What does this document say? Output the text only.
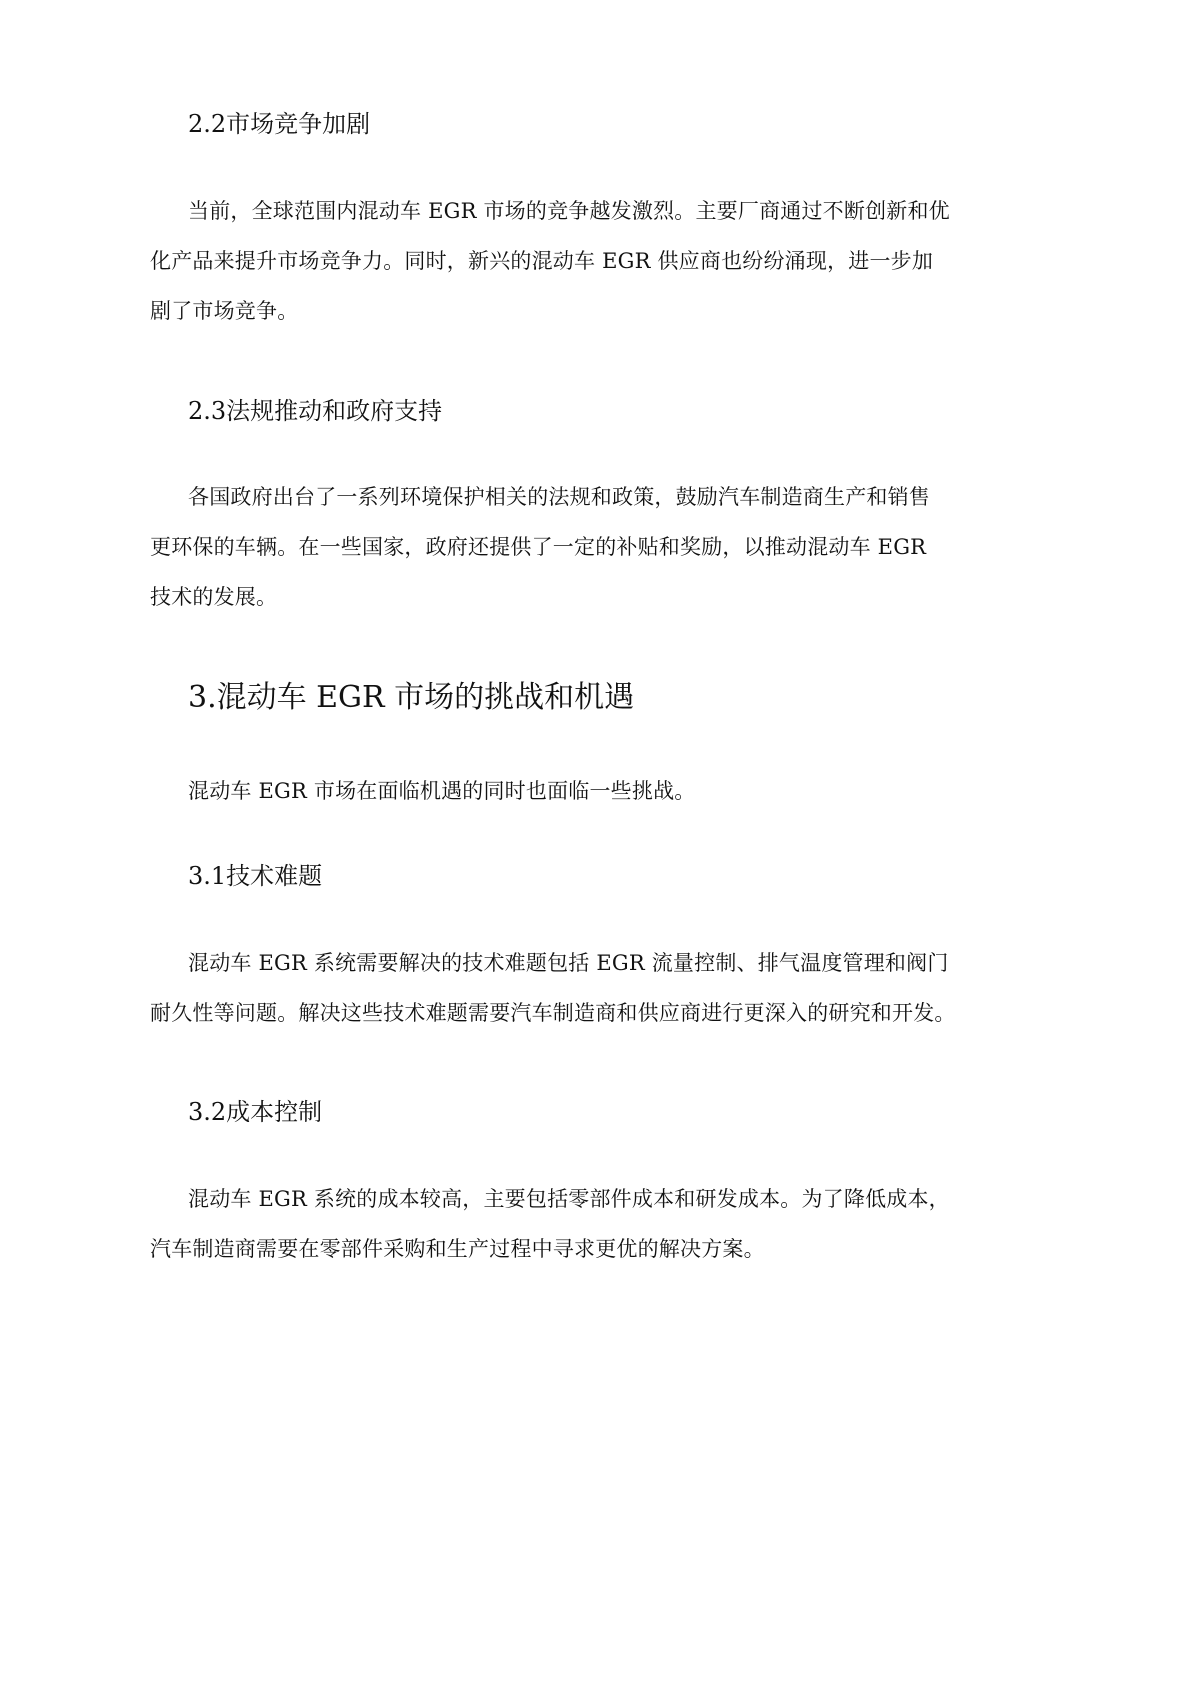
2.2市场竞争加剧

当前，全球范围内混动车 EGR 市场的竞争越发激烈。主要厂商通过不断创新和优
化产品来提升市场竞争力。同时，新兴的混动车 EGR 供应商也纷纷涌现，进一步加
剧了市场竞争。

2.3法规推动和政府支持

各国政府出台了一系列环境保护相关的法规和政策，鼓励汽车制造商生产和销售
更环保的车辆。在一些国家，政府还提供了一定的补贴和奖励，以推动混动车 EGR
技术的发展。

3.混动车 EGR 市场的挑战和机遇

混动车 EGR 市场在面临机遇的同时也面临一些挑战。

3.1技术难题

混动车 EGR 系统需要解决的技术难题包括 EGR 流量控制、排气温度管理和阀门
耐久性等问题。解决这些技术难题需要汽车制造商和供应商进行更深入的研究和开发。

3.2成本控制

混动车 EGR 系统的成本较高，主要包括零部件成本和研发成本。为了降低成本，
汽车制造商需要在零部件采购和生产过程中寻求更优的解决方案。
